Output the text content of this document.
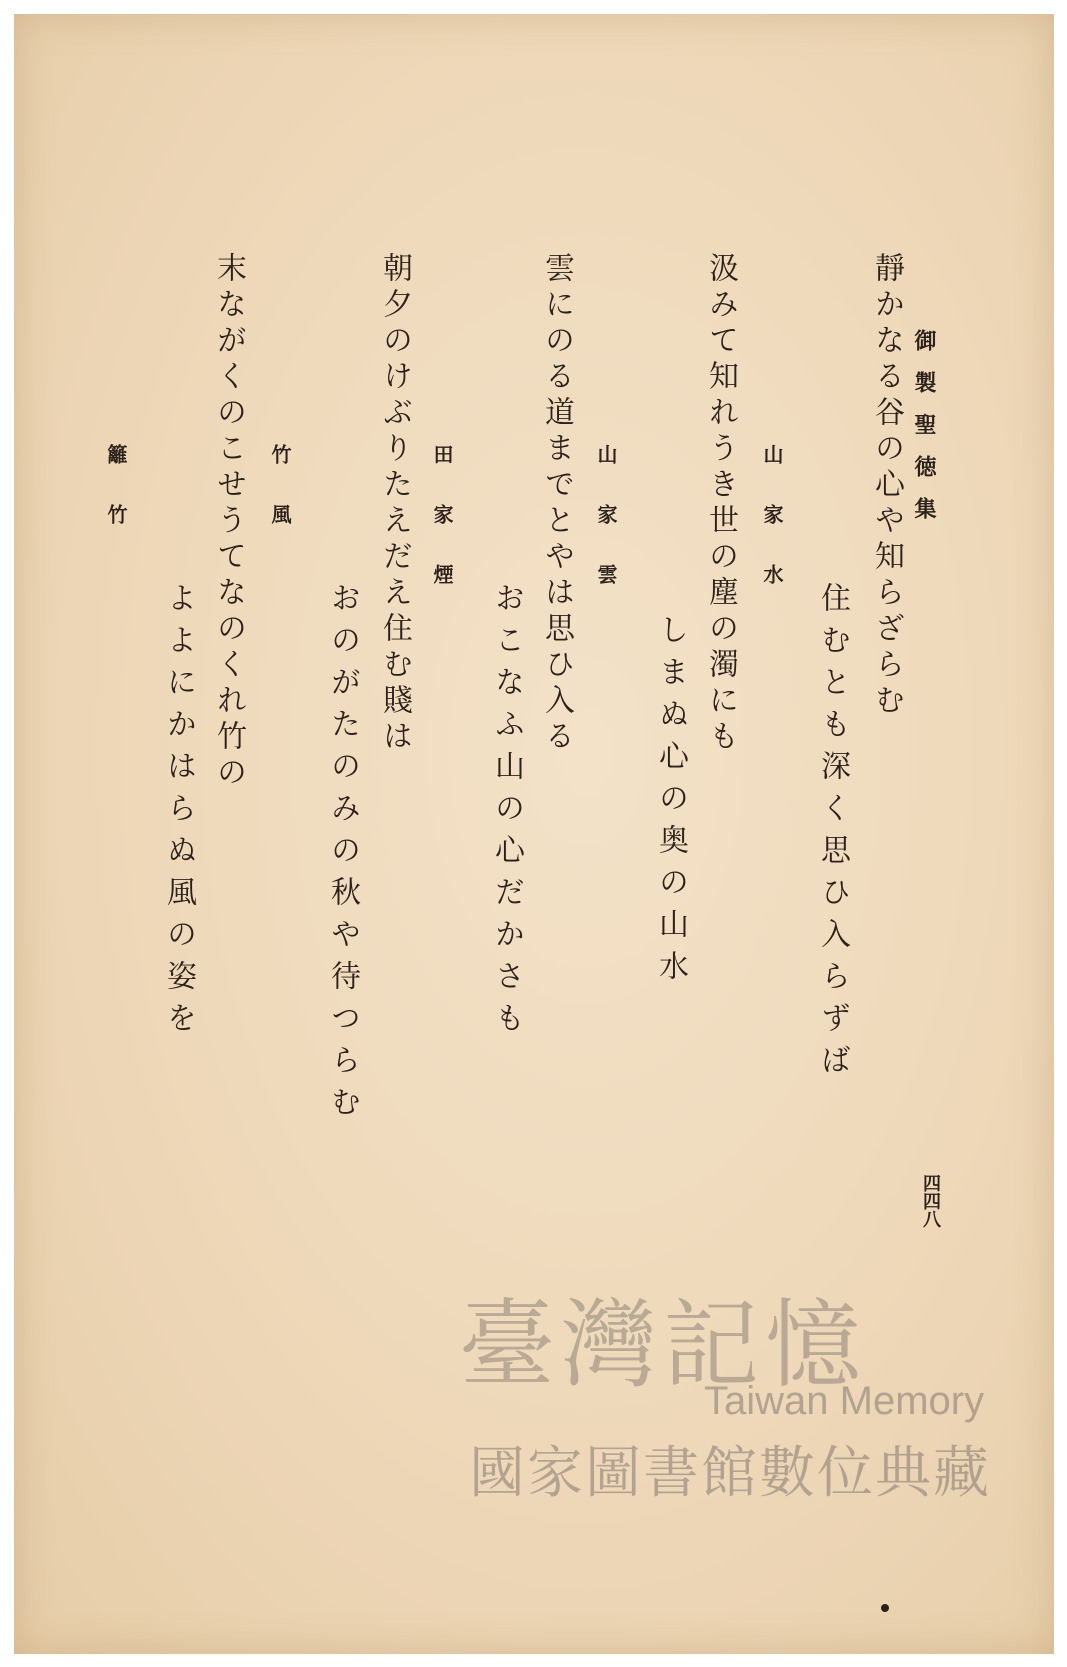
御製聖徳集
靜かなる谷の心や知らざらむ
住むとも深く思ひ入らずば
山家水
汲みて知れうき世の塵の濁にも
しまぬ心の奥の山水
山家雲
雲にのる道までとやは思ひ入る
おこなふ山の心だかさも
田家煙
朝夕のけぶりたえだえ住む賤は
おのがたのみの秋や待つらむ
竹風
末ながくのこせうてなのくれ竹の
よよにかはらぬ風の姿を
籬竹
四四八
臺灣記憶
Taiwan Memory
國家圖書館數位典藏
